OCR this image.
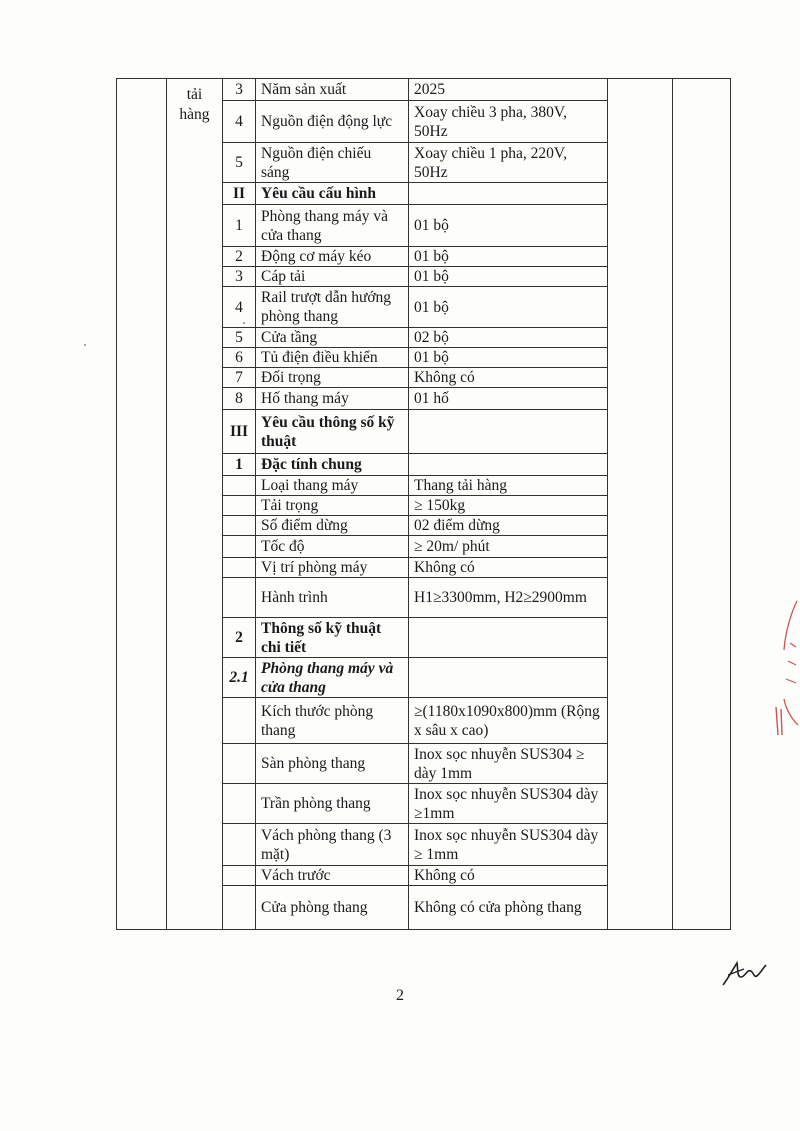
	tải
hàng	3	Năm sản xuất	2025		
		4	Nguồn điện động lực	Xoay chiều 3 pha, 380V, 50Hz		
		5	Nguồn điện chiếu sáng	Xoay chiều 1 pha, 220V, 50Hz		
		II	Yêu cầu cấu hình			
		1	Phòng thang máy và cửa thang	01 bộ		
		2	Động cơ máy kéo	01 bộ		
		3	Cáp tải	01 bộ		
		4	Rail trượt dẫn hướng phòng thang	01 bộ		
		5	Cửa tầng	02 bộ		
		6	Tủ điện điều khiển	01 bộ		
		7	Đối trọng	Không có		
		8	Hố thang máy	01 hố		
		III	Yêu cầu thông số kỹ thuật			
		1	Đặc tính chung			
			Loại thang máy	Thang tải hàng		
			Tải trọng	≥ 150kg		
			Số điểm dừng	02 điểm dừng		
			Tốc độ	≥ 20m/ phút		
			Vị trí phòng máy	Không có		
			Hành trình	H1≥3300mm, H2≥2900mm		
		2	Thông số kỹ thuật chi tiết			
		2.1	Phòng thang máy và cửa thang			
			Kích thước phòng thang	≥(1180x1090x800)mm (Rộng x sâu x cao)		
			Sàn phòng thang	Inox sọc nhuyễn SUS304 ≥ dày 1mm		
			Trần phòng thang	Inox sọc nhuyễn SUS304 dày ≥1mm		
			Vách phòng thang (3 mặt)	Inox sọc nhuyễn SUS304 dày ≥ 1mm		
			Vách trước	Không có		
			Cửa phòng thang	Không có cửa phòng thang		
2
